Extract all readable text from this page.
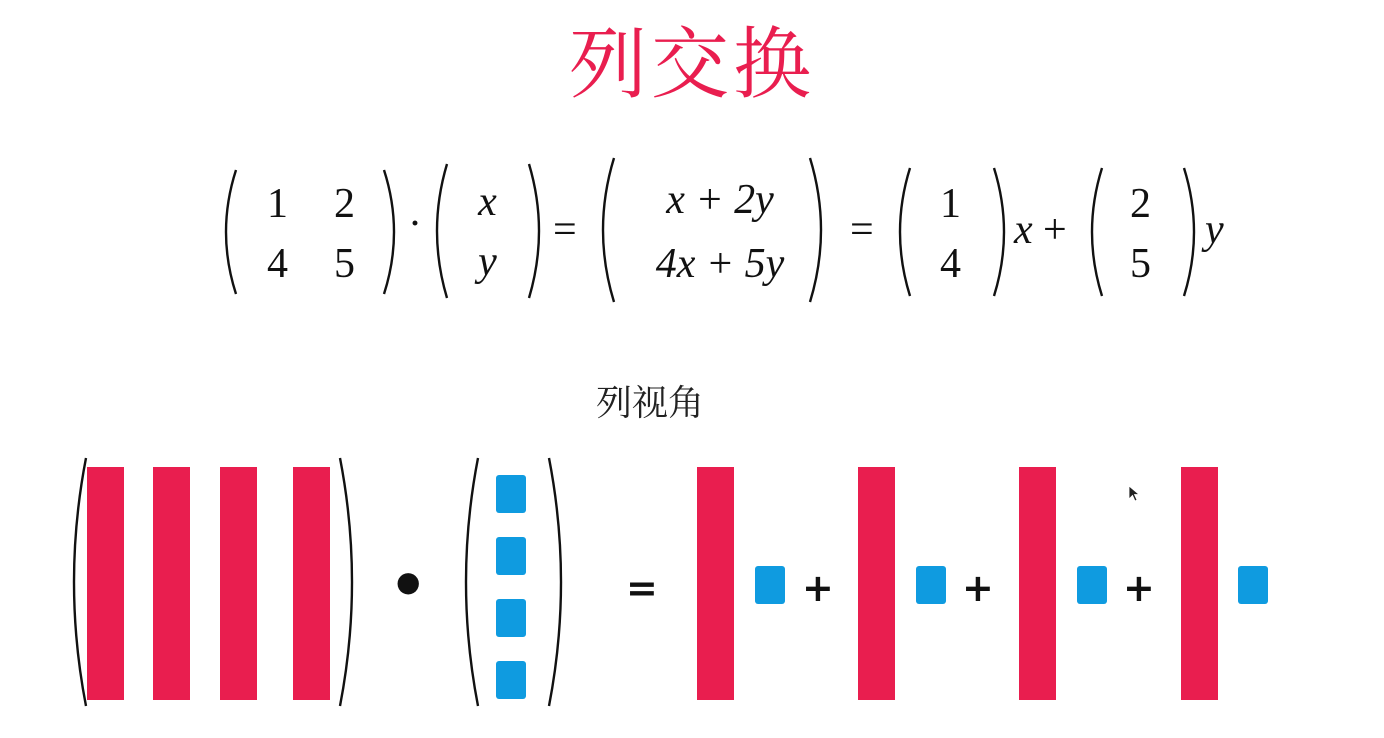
列交换
1 2
4 5
·	x
y
=
x + 2y
4x + 5y
=
1
4
x +
2
5
y
列视角
●	=	+	+	+
